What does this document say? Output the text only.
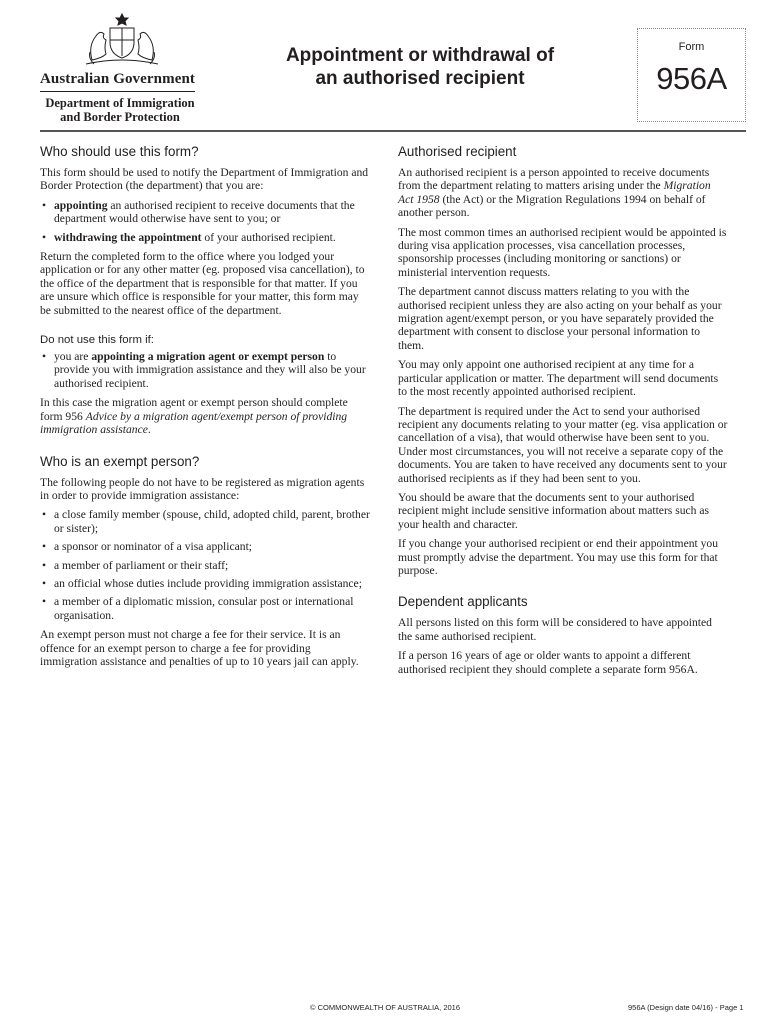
Australian Government
Department of Immigration
and Border Protection
Appointment or withdrawal of
an authorised recipient
Form
956A
Who should use this form?

This form should be used to notify the Department of Immigration and Border Protection (the department) that you are:

• appointing an authorised recipient to receive documents that the department would otherwise have sent to you; or
• withdrawing the appointment of your authorised recipient.

Return the completed form to the office where you lodged your application or for any other matter (eg. proposed visa cancellation), to the office of the department that is responsible for that matter. If you are unsure which office is responsible for your matter, this form may be submitted to the nearest office of the department.

Do not use this form if:
• you are appointing a migration agent or exempt person to provide you with immigration assistance and they will also be your authorised recipient.

In this case the migration agent or exempt person should complete form 956 Advice by a migration agent/exempt person of providing immigration assistance.

Who is an exempt person?

The following people do not have to be registered as migration agents in order to provide immigration assistance:

• a close family member (spouse, child, adopted child, parent, brother or sister);
• a sponsor or nominator of a visa applicant;
• a member of parliament or their staff;
• an official whose duties include providing immigration assistance;
• a member of a diplomatic mission, consular post or international organisation.

An exempt person must not charge a fee for their service. It is an offence for an exempt person to charge a fee for providing immigration assistance and penalties of up to 10 years jail can apply.

Authorised recipient

An authorised recipient is a person appointed to receive documents from the department relating to matters arising under the Migration Act 1958 (the Act) or the Migration Regulations 1994 on behalf of another person.

The most common times an authorised recipient would be appointed is during visa application processes, visa cancellation processes, sponsorship processes (including monitoring or sanctions) or ministerial intervention requests.

The department cannot discuss matters relating to you with the authorised recipient unless they are also acting on your behalf as your migration agent/exempt person, or you have separately provided the department with consent to disclose your personal information to them.

You may only appoint one authorised recipient at any time for a particular application or matter. The department will send documents to the most recently appointed authorised recipient.

The department is required under the Act to send your authorised recipient any documents relating to your matter (eg. visa application or cancellation of a visa), that would otherwise have been sent to you. Under most circumstances, you will not receive a separate copy of the documents. You are taken to have received any documents sent to your authorised recipients as if they had been sent to you.

You should be aware that the documents sent to your authorised recipient might include sensitive information about matters such as your health and character.

If you change your authorised recipient or end their appointment you must promptly advise the department. You may use this form for that purpose.

Dependent applicants

All persons listed on this form will be considered to have appointed the same authorised recipient.

If a person 16 years of age or older wants to appoint a different authorised recipient they should complete a separate form 956A.

© COMMONWEALTH OF AUSTRALIA, 2016	956A (Design date 04/16) - Page 1
